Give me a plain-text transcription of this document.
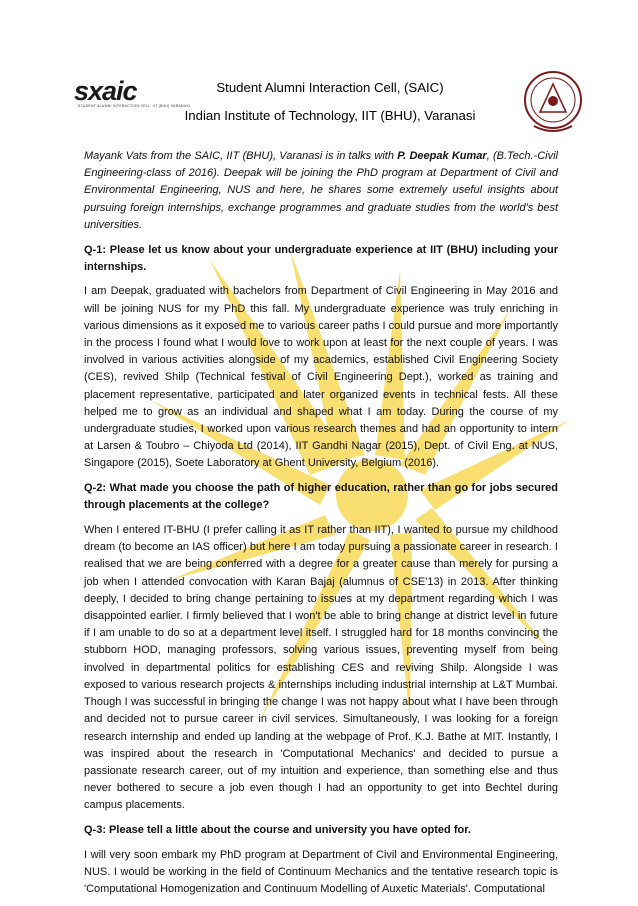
sxaic
STUDENT ALUMNI INTERACTION CELL, IIT (BHU) VARANASI
Student Alumni Interaction Cell, (SAIC)
Indian Institute of Technology, IIT (BHU), Varanasi

Mayank Vats from the SAIC, IIT (BHU), Varanasi is in talks with P. Deepak Kumar, (B.Tech.-Civil Engineering-class of 2016). Deepak will be joining the PhD program at Department of Civil and Environmental Engineering, NUS and here, he shares some extremely useful insights about pursuing foreign internships, exchange programmes and graduate studies from the world's best universities.

Q-1: Please let us know about your undergraduate experience at IIT (BHU) including your internships.

I am Deepak, graduated with bachelors from Department of Civil Engineering in May 2016 and will be joining NUS for my PhD this fall. My undergraduate experience was truly enriching in various dimensions as it exposed me to various career paths I could pursue and more importantly in the process I found what I would love to work upon at least for the next couple of years. I was involved in various activities alongside of my academics, established Civil Engineering Society (CES), revived Shilp (Technical festival of Civil Engineering Dept.), worked as training and placement representative, participated and later organized events in technical fests. All these helped me to grow as an individual and shaped what I am today. During the course of my undergraduate studies, I worked upon various research themes and had an opportunity to intern at Larsen & Toubro – Chiyoda Ltd (2014), IIT Gandhi Nagar (2015), Dept. of Civil Eng. at NUS, Singapore (2015), Soete Laboratory at Ghent University, Belgium (2016).

Q-2: What made you choose the path of higher education, rather than go for jobs secured through placements at the college?

When I entered IT-BHU (I prefer calling it as IT rather than IIT), I wanted to pursue my childhood dream (to become an IAS officer) but here I am today pursuing a passionate career in research. I realised that we are being conferred with a degree for a greater cause than merely for pursing a job when I attended convocation with Karan Bajaj (alumnus of CSE'13) in 2013. After thinking deeply, I decided to bring change pertaining to issues at my department regarding which I was disappointed earlier. I firmly believed that I won't be able to bring change at district level in future if I am unable to do so at a department level itself. I struggled hard for 18 months convincing the stubborn HOD, managing professors, solving various issues, preventing myself from being involved in departmental politics for establishing CES and reviving Shilp. Alongside I was exposed to various research projects & internships including industrial internship at L&T Mumbai. Though I was successful in bringing the change I was not happy about what I have been through and decided not to pursue career in civil services. Simultaneously, I was looking for a foreign research internship and ended up landing at the webpage of Prof. K.J. Bathe at MIT. Instantly, I was inspired about the research in 'Computational Mechanics' and decided to pursue a passionate research career, out of my intuition and experience, than something else and thus never bothered to secure a job even though I had an opportunity to get into Bechtel during campus placements.

Q-3: Please tell a little about the course and university you have opted for.

I will very soon embark my PhD program at Department of Civil and Environmental Engineering, NUS. I would be working in the field of Continuum Mechanics and the tentative research topic is 'Computational Homogenization and Continuum Modelling of Auxetic Materials'. Computational
